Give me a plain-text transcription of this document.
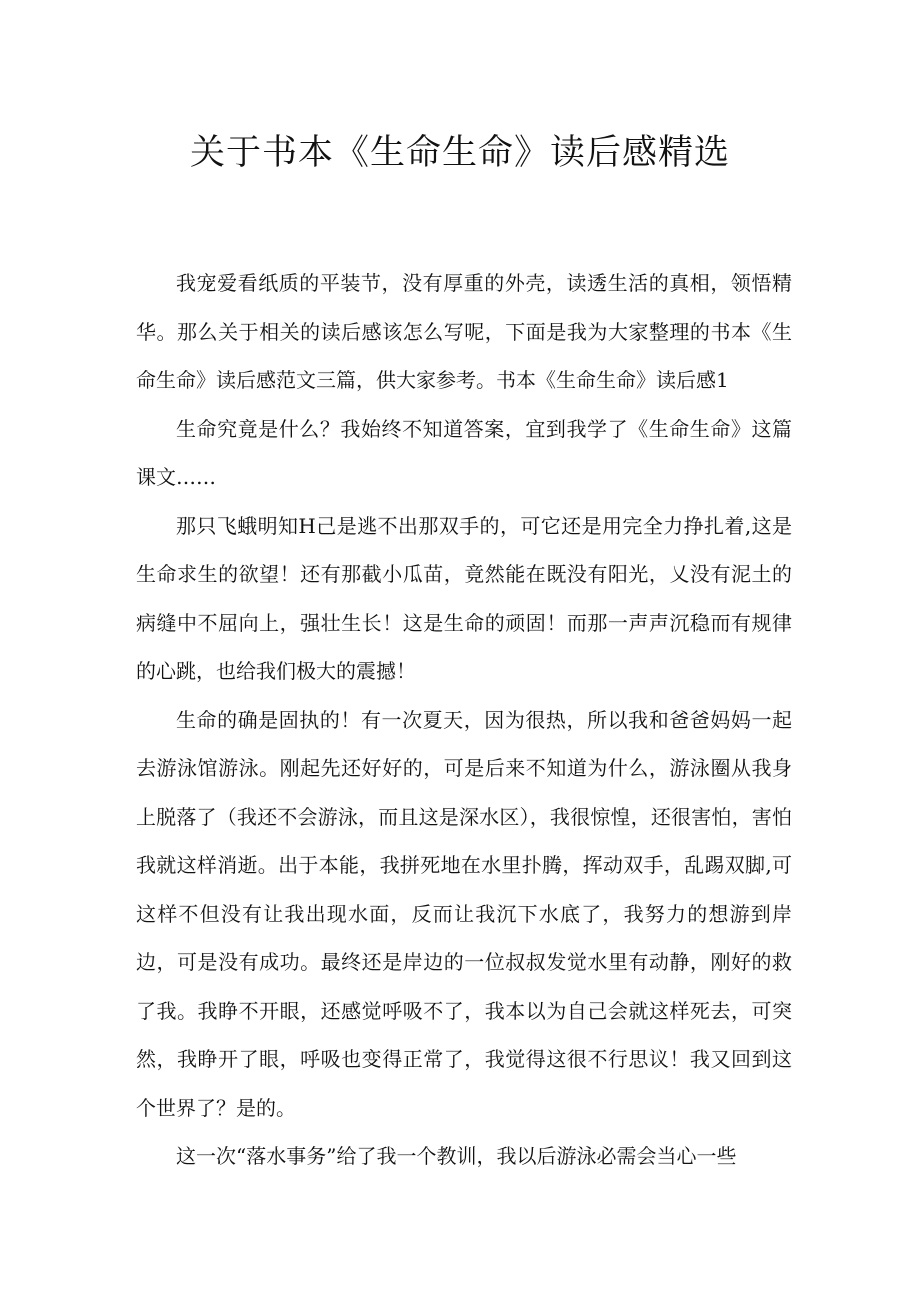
关于书本《生命生命》读后感精选

我宠爱看纸质的平装节，没有厚重的外壳，读透生活的真相，领悟精华。那么关于相关的读后感该怎么写呢，下面是我为大家整理的书本《生命生命》读后感范文三篇，供大家参考。书本《生命生命》读后感1

生命究竟是什么？我始终不知道答案，宜到我学了《生命生命》这篇课文……

那只飞蛾明知H己是逃不出那双手的，可它还是用完全力挣扎着,这是生命求生的欲望！还有那截小瓜苗，竟然能在既没有阳光，乂没有泥土的病缝中不屈向上，强壮生长！这是生命的顽固！而那一声声沉稳而有规律的心跳，也给我们极大的震撼！

生命的确是固执的！有一次夏天，因为很热，所以我和爸爸妈妈一起去游泳馆游泳。刚起先还好好的，可是后来不知道为什么，游泳圈从我身上脱落了（我还不会游泳，而且这是深水区），我很惊惶，还很害怕，害怕我就这样消逝。出于本能，我拼死地在水里扑腾，挥动双手，乱踢双脚,可这样不但没有让我出现水面，反而让我沉下水底了，我努力的想游到岸边，可是没有成功。最终还是岸边的一位叔叔发觉水里有动静，刚好的救了我。我睁不开眼，还感觉呼吸不了，我本以为自己会就这样死去，可突然，我睁开了眼，呼吸也变得正常了，我觉得这很不行思议！我又回到这个世界了？是的。

这一次“落水事务”给了我一个教训，我以后游泳必需会当心一些
